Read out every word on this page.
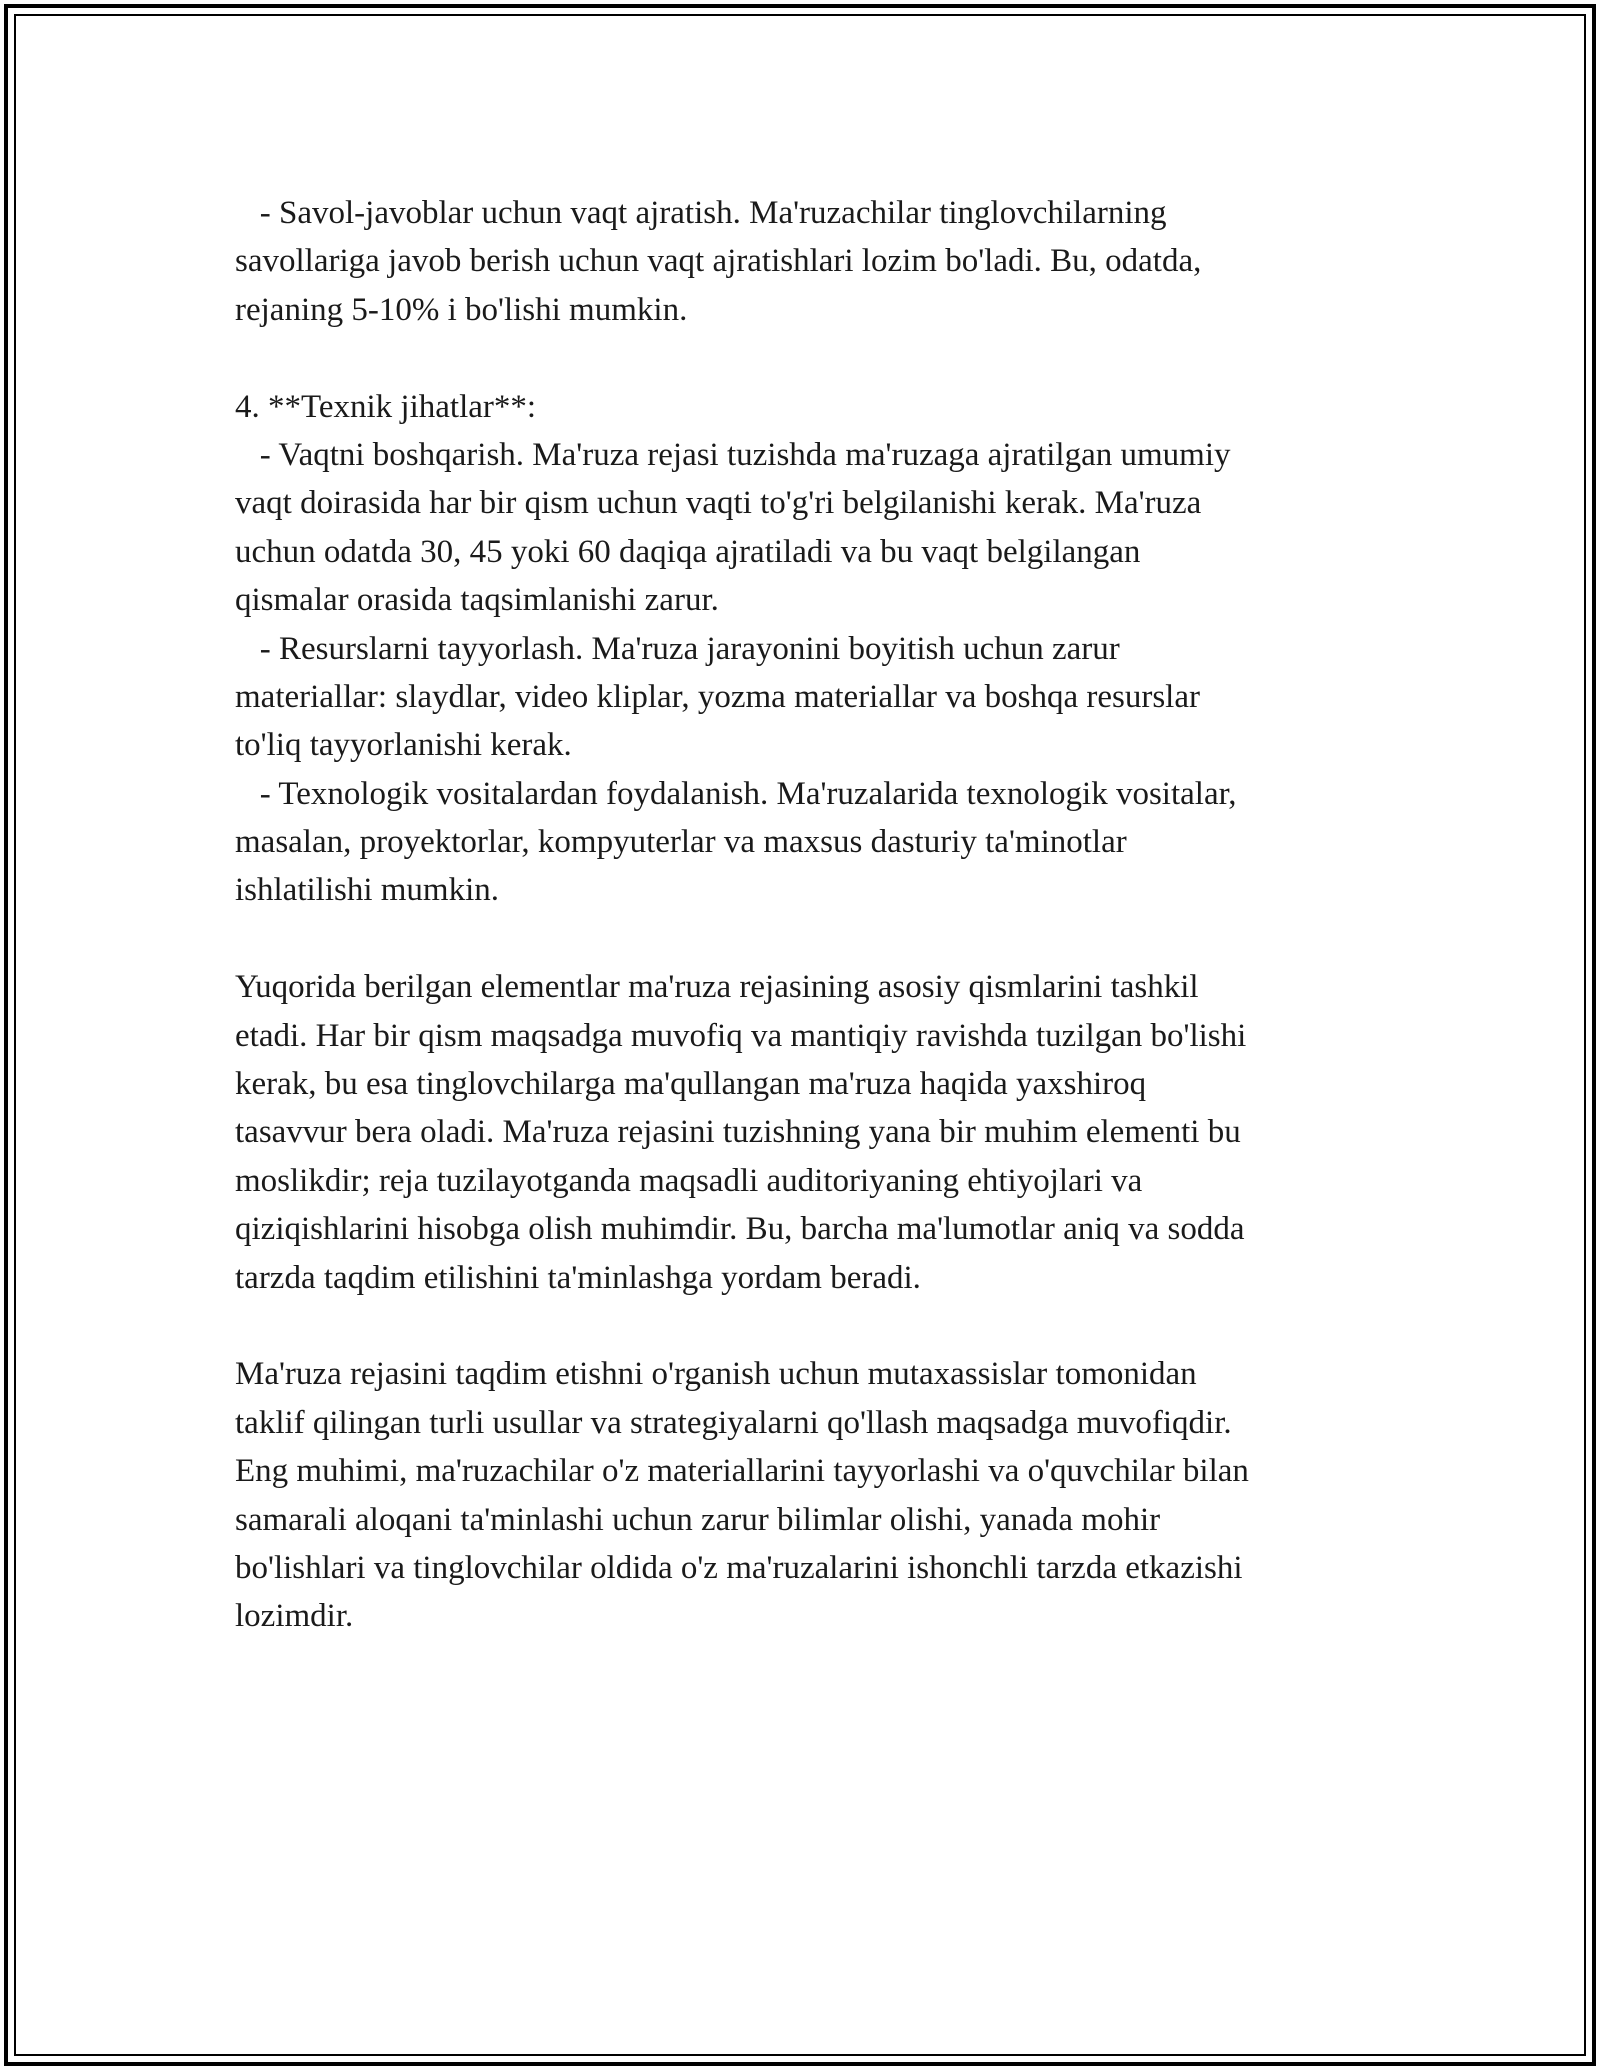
- Savol-javoblar uchun vaqt ajratish. Ma'ruzachilar tinglovchilarning
savollariga javob berish uchun vaqt ajratishlari lozim bo'ladi. Bu, odatda,
rejaning 5-10% i bo'lishi mumkin.
4. **Texnik jihatlar**:
- Vaqtni boshqarish. Ma'ruza rejasi tuzishda ma'ruzaga ajratilgan umumiy
vaqt doirasida har bir qism uchun vaqti to'g'ri belgilanishi kerak. Ma'ruza
uchun odatda 30, 45 yoki 60 daqiqa ajratiladi va bu vaqt belgilangan
qismalar orasida taqsimlanishi zarur.
- Resurslarni tayyorlash. Ma'ruza jarayonini boyitish uchun zarur
materiallar: slaydlar, video kliplar, yozma materiallar va boshqa resurslar
to'liq tayyorlanishi kerak.
- Texnologik vositalardan foydalanish. Ma'ruzalarida texnologik vositalar,
masalan, proyektorlar, kompyuterlar va maxsus dasturiy ta'minotlar
ishlatilishi mumkin.
Yuqorida berilgan elementlar ma'ruza rejasining asosiy qismlarini tashkil
etadi. Har bir qism maqsadga muvofiq va mantiqiy ravishda tuzilgan bo'lishi
kerak, bu esa tinglovchilarga ma'qullangan ma'ruza haqida yaxshiroq
tasavvur bera oladi. Ma'ruza rejasini tuzishning yana bir muhim elementi bu
moslikdir; reja tuzilayotganda maqsadli auditoriyaning ehtiyojlari va
qiziqishlarini hisobga olish muhimdir. Bu, barcha ma'lumotlar aniq va sodda
tarzda taqdim etilishini ta'minlashga yordam beradi.
Ma'ruza rejasini taqdim etishni o'rganish uchun mutaxassislar tomonidan
taklif qilingan turli usullar va strategiyalarni qo'llash maqsadga muvofiqdir.
Eng muhimi, ma'ruzachilar o'z materiallarini tayyorlashi va o'quvchilar bilan
samarali aloqani ta'minlashi uchun zarur bilimlar olishi, yanada mohir
bo'lishlari va tinglovchilar oldida o'z ma'ruzalarini ishonchli tarzda etkazishi
lozimdir.
